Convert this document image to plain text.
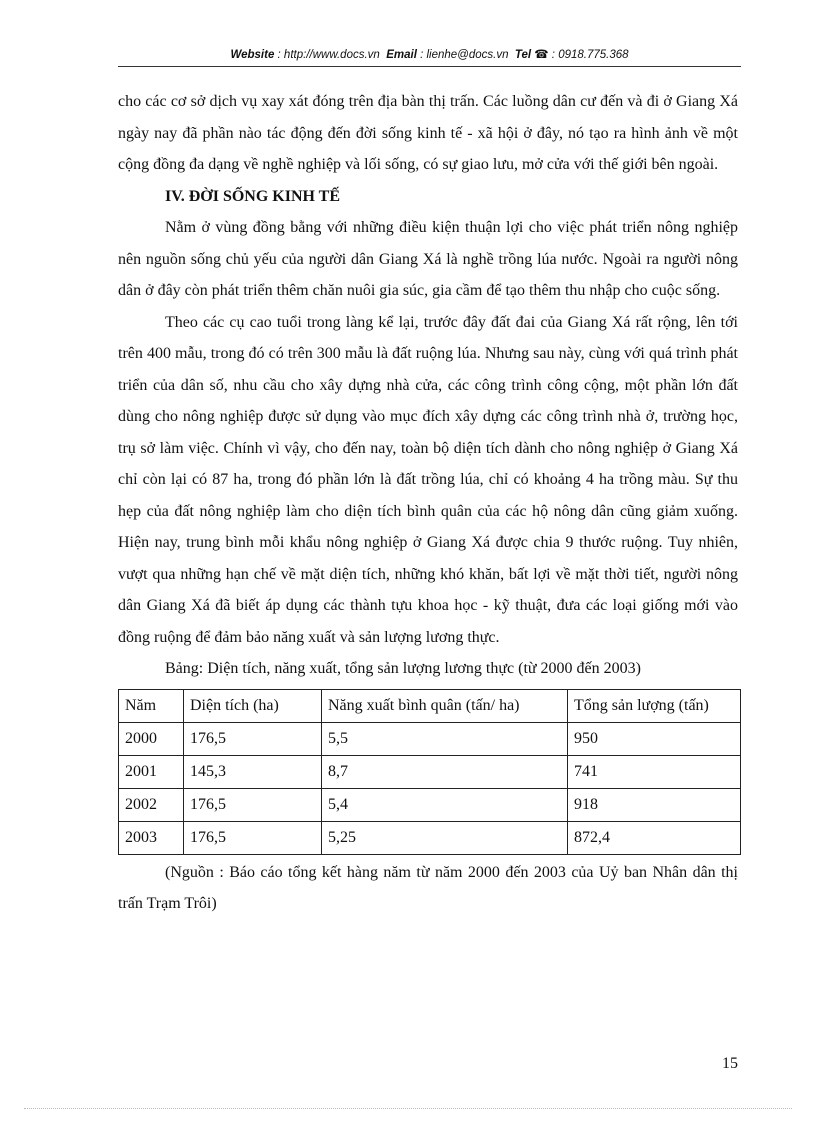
Website : http://www.docs.vn Email : lienhe@docs.vn Tel ☎ : 0918.775.368

cho các cơ sở dịch vụ xay xát đóng trên địa bàn thị trấn. Các luồng dân cư đến và đi ở Giang Xá ngày nay đã phần nào tác động đến đời sống kinh tế - xã hội ở đây, nó tạo ra hình ảnh về một cộng đồng đa dạng về nghề nghiệp và lối sống, có sự giao lưu, mở cửa với thế giới bên ngoài.

IV. ĐỜI SỐNG KINH TẾ

Nằm ở vùng đồng bằng với những điều kiện thuận lợi cho việc phát triển nông nghiệp nên nguồn sống chủ yếu của người dân Giang Xá là nghề trồng lúa nước. Ngoài ra người nông dân ở đây còn phát triển thêm chăn nuôi gia súc, gia cầm để tạo thêm thu nhập cho cuộc sống.

Theo các cụ cao tuổi trong làng kể lại, trước đây đất đai của Giang Xá rất rộng, lên tới trên 400 mẫu, trong đó có trên 300 mẫu là đất ruộng lúa. Nhưng sau này, cùng với quá trình phát triển của dân số, nhu cầu cho xây dựng nhà cửa, các công trình công cộng, một phần lớn đất dùng cho nông nghiệp được sử dụng vào mục đích xây dựng các công trình nhà ở, trường học, trụ sở làm việc. Chính vì vậy, cho đến nay, toàn bộ diện tích dành cho nông nghiệp ở Giang Xá chỉ còn lại có 87 ha, trong đó phần lớn là đất trồng lúa, chỉ có khoảng 4 ha trồng màu. Sự thu hẹp của đất nông nghiệp làm cho diện tích bình quân của các hộ nông dân cũng giảm xuống. Hiện nay, trung bình mỗi khẩu nông nghiệp ở Giang Xá được chia 9 thước ruộng. Tuy nhiên, vượt qua những hạn chế về mặt diện tích, những khó khăn, bất lợi về mặt thời tiết, người nông dân Giang Xá đã biết áp dụng các thành tựu khoa học - kỹ thuật, đưa các loại giống mới vào đồng ruộng để đảm bảo năng xuất và sản lượng lương thực.

Bảng: Diện tích, năng xuất, tổng sản lượng lương thực (từ 2000 đến 2003)

Năm	Diện tích (ha)	Năng xuất bình quân (tấn/ ha)	Tổng sản lượng (tấn)
2000	176,5	5,5	950
2001	145,3	8,7	741
2002	176,5	5,4	918
2003	176,5	5,25	872,4

(Nguồn : Báo cáo tổng kết hàng năm từ năm 2000 đến 2003 của Uỷ ban Nhân dân thị trấn Trạm Trôi)

15
